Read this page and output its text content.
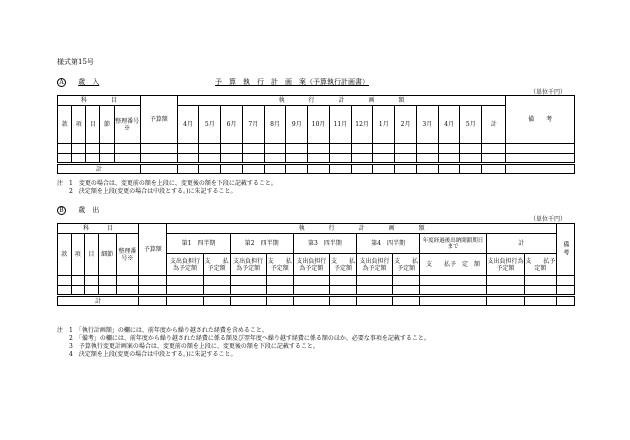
様式第15号
A 歳　入	予　算　執　行　計　画　案（予算執行計画書）
（単位千円）
科　　　　目					予算額	執　　　　行　　　　計　　　　画　　　　額															備　　考
款	項	目	節	整理番号※		4月	5月	6月	7月	8月	9月	10月	11月	12月	1月	2月	3月	4月	5月	計	

計																					
注　1　変更の場合は、変更前の額を上段に、変更後の額を下段に記載すること。
　　2　決定額を上段(変更の場合は中段とする。)に朱記すること。
B 歳　出
（単位千円）
科　　　目					予算額	執　　　　行　　　　計　　　　画　　　　額											備考
款	項	目	細節	整理番号※		第1　四半期		第2　四半期		第3　四半期		第4　四半期		年度経過後出納閉鎖期日まで	計		
						支出負担行為予定額	支　　払予定額	支出負担行為予定額	支　　払予定額	支出負担行為予定額	支　　払予定額	支出負担行為予定額	支　　払予定額	支　　払予　定　額	支出負担行為予定額	支　　払予定額	

計																	
注　1　「執行計画額」の欄には、前年度から繰り越された経費を含めること。
　　2　「備考」の欄には、前年度から繰り越された経費に係る額及び翌年度へ繰り越す経費に係る額のほか、必要な事項を記載すること。
　　3　予算執行変更計画案の場合は、変更前の額を上段に、変更後の額を下段に記載すること。
　　4　決定額を上段(変更の場合は中段とする。)に朱記すること。
